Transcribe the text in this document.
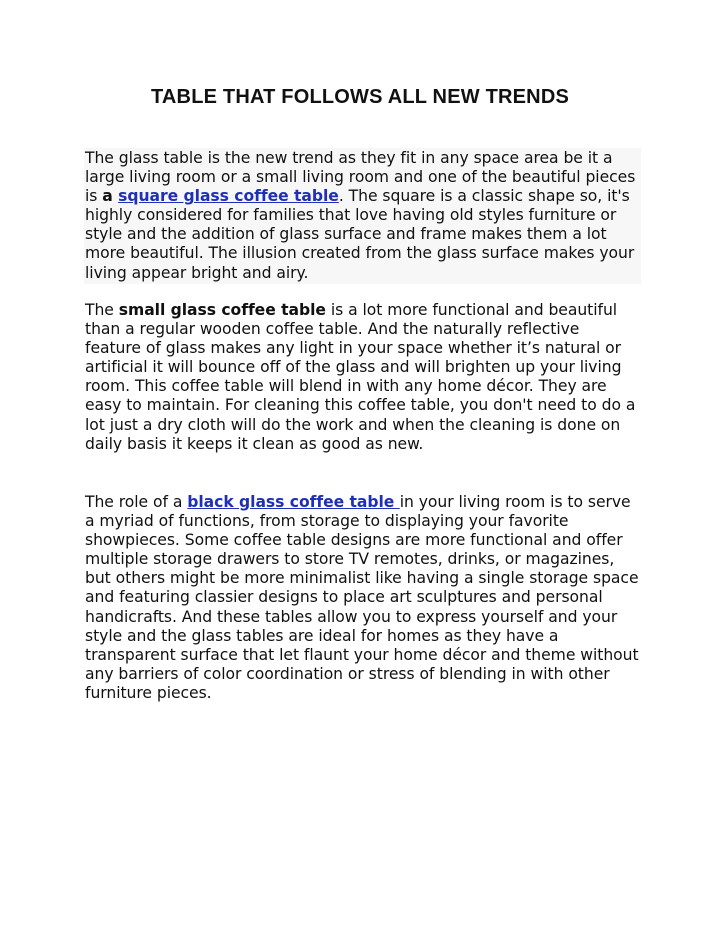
TABLE THAT FOLLOWS ALL NEW TRENDS

The glass table is the new trend as they fit in any space area be it a large living room or a small living room and one of the beautiful pieces is a square glass coffee table. The square is a classic shape so, it's highly considered for families that love having old styles furniture or style and the addition of glass surface and frame makes them a lot more beautiful. The illusion created from the glass surface makes your living appear bright and airy.

The small glass coffee table is a lot more functional and beautiful than a regular wooden coffee table. And the naturally reflective feature of glass makes any light in your space whether it’s natural or artificial it will bounce off of the glass and will brighten up your living room. This coffee table will blend in with any home décor. They are easy to maintain. For cleaning this coffee table, you don't need to do a lot just a dry cloth will do the work and when the cleaning is done on daily basis it keeps it clean as good as new.

The role of a black glass coffee table in your living room is to serve a myriad of functions, from storage to displaying your favorite showpieces. Some coffee table designs are more functional and offer multiple storage drawers to store TV remotes, drinks, or magazines, but others might be more minimalist like having a single storage space and featuring classier designs to place art sculptures and personal handicrafts. And these tables allow you to express yourself and your style and the glass tables are ideal for homes as they have a transparent surface that let flaunt your home décor and theme without any barriers of color coordination or stress of blending in with other furniture pieces.
